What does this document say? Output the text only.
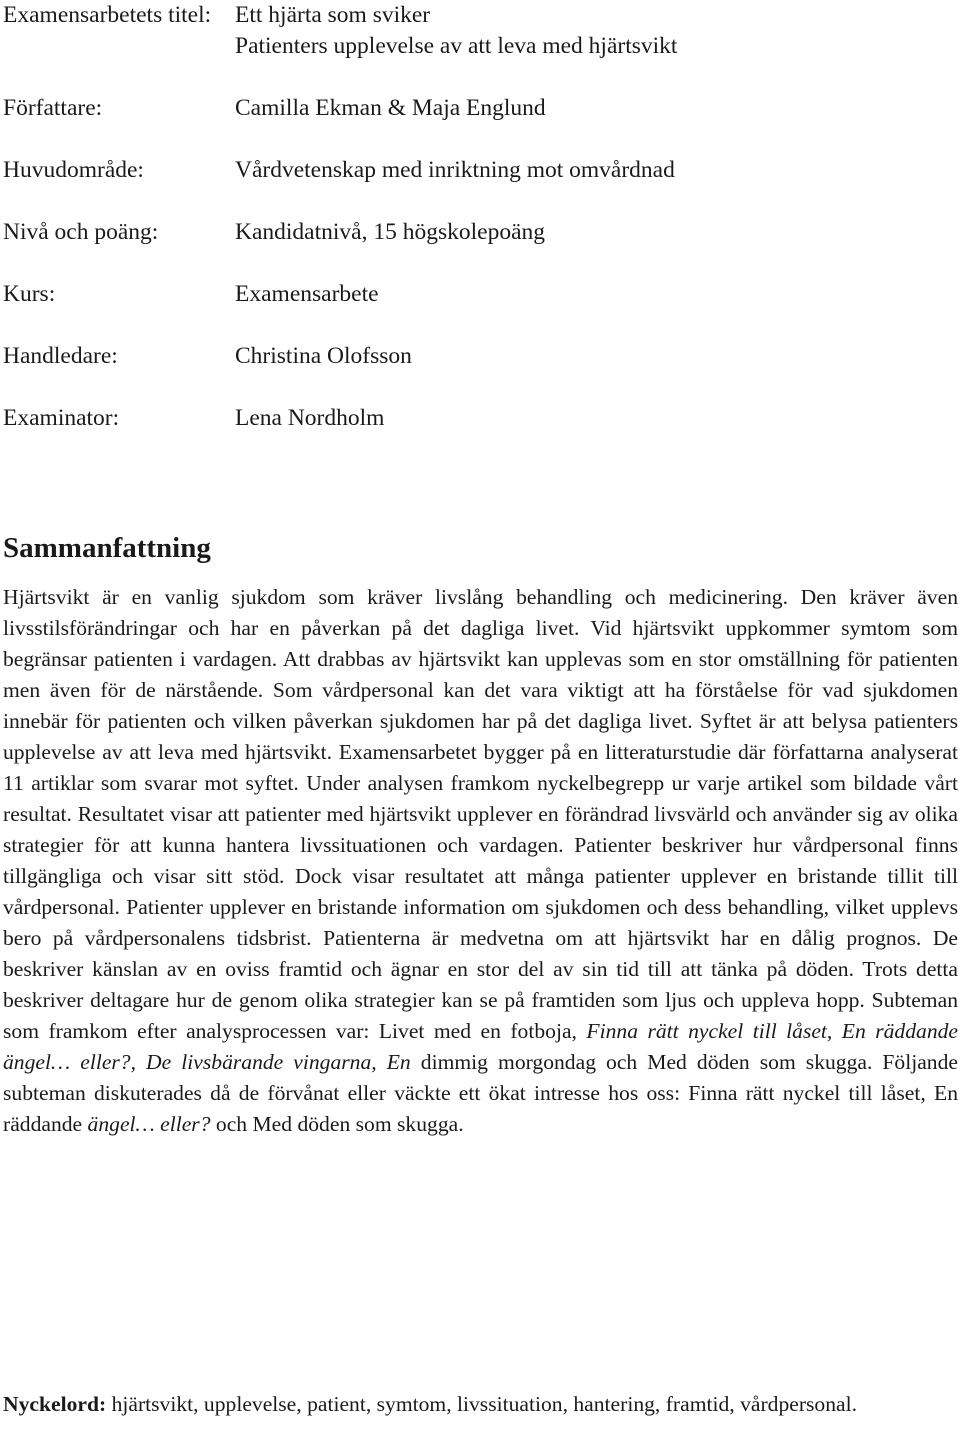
Examensarbetets titel:	Ett hjärta som sviker
Patienters upplevelse av att leva med hjärtsvikt
Författare:	Camilla Ekman & Maja Englund
Huvudområde:	Vårdvetenskap med inriktning mot omvårdnad
Nivå och poäng:	Kandidatnivå, 15 högskolepoäng
Kurs:	Examensarbete
Handledare:	Christina Olofsson
Examinator:	Lena Nordholm
Sammanfattning

Hjärtsvikt är en vanlig sjukdom som kräver livslång behandling och medicinering. Den kräver även livsstilsförändringar och har en påverkan på det dagliga livet. Vid hjärtsvikt uppkommer symtom som begränsar patienten i vardagen. Att drabbas av hjärtsvikt kan upplevas som en stor omställning för patienten men även för de närstående. Som vårdpersonal kan det vara viktigt att ha förståelse för vad sjukdomen innebär för patienten och vilken påverkan sjukdomen har på det dagliga livet. Syftet är att belysa patienters upplevelse av att leva med hjärtsvikt. Examensarbetet bygger på en litteraturstudie där författarna analyserat 11 artiklar som svarar mot syftet. Under analysen framkom nyckelbegrepp ur varje artikel som bildade vårt resultat. Resultatet visar att patienter med hjärtsvikt upplever en förändrad livsvärld och använder sig av olika strategier för att kunna hantera livssituationen och vardagen. Patienter beskriver hur vårdpersonal finns tillgängliga och visar sitt stöd. Dock visar resultatet att många patienter upplever en bristande tillit till vårdpersonal. Patienter upplever en bristande information om sjukdomen och dess behandling, vilket upplevs bero på vårdpersonalens tidsbrist. Patienterna är medvetna om att hjärtsvikt har en dålig prognos. De beskriver känslan av en oviss framtid och ägnar en stor del av sin tid till att tänka på döden. Trots detta beskriver deltagare hur de genom olika strategier kan se på framtiden som ljus och uppleva hopp. Subteman som framkom efter analysprocessen var: Livet med en fotboja, Finna rätt nyckel till låset, En räddande ängel… eller?, De livsbärande vingarna, En dimmig morgondag och Med döden som skugga. Följande subteman diskuterades då de förvånat eller väckte ett ökat intresse hos oss: Finna rätt nyckel till låset, En räddande ängel… eller? och Med döden som skugga.

Nyckelord: hjärtsvikt, upplevelse, patient, symtom, livssituation, hantering, framtid, vårdpersonal.
